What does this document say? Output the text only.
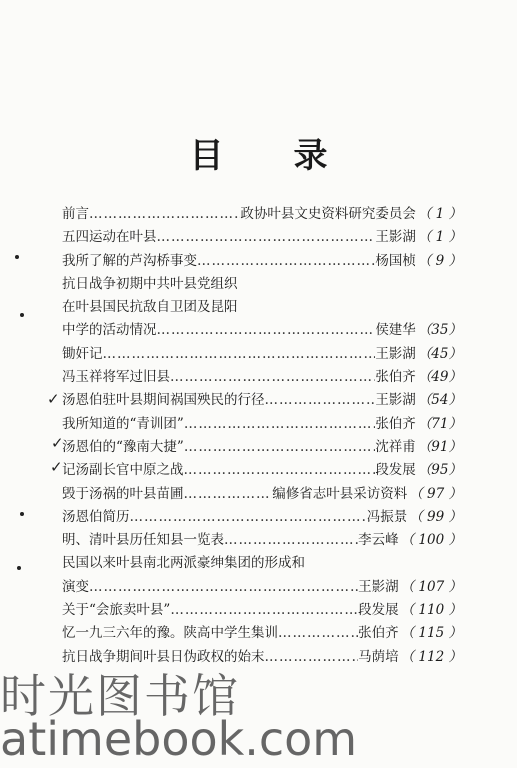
目 录
前言 …………………………………………………………………………………………………………	政协叶县文史资料研究委员会 （ 1 ）
五四运动在叶县 …………………………………………………………………………………………………………	王影湖 （ 1 ）
我所了解的芦沟桥事变 …………………………………………………………………………………………………………	杨国桢 （ 9 ）
抗日战争初期中共叶县党组织
在叶县国民抗敌自卫团及昆阳
中学的活动情况 …………………………………………………………………………………………………………	侯建华 （35）
锄奸记 …………………………………………………………………………………………………………	王影湖 （45）
冯玉祥将军过旧县 …………………………………………………………………………………………………………	张伯齐 （49）
汤恩伯驻叶县期间祸国殃民的行径 …………………………………………………………………………………………………………	王影湖 （54）
我所知道的“青训团” …………………………………………………………………………………………………………	张伯齐 （71）
汤恩伯的“豫南大捷” …………………………………………………………………………………………………………	沈祥甫 （91）
记汤副长官中原之战 …………………………………………………………………………………………………………	段发展 （95）
毁于汤祸的叶县苗圃 …………………………………………………………………………………………………………	编修省志叶县采访资料 （ 97 ）
汤恩伯简历 …………………………………………………………………………………………………………	冯振景 （ 99 ）
明、清叶县历任知县一览表 …………………………………………………………………………………………………………	李云峰 （ 100 ）
民国以来叶县南北两派豪绅集团的形成和
演变 …………………………………………………………………………………………………………	王影湖 （ 107 ）
关于“会旅卖叶县” …………………………………………………………………………………………………………	段发展 （ 110 ）
忆一九三六年的豫。陕高中学生集训 …………………………………………………………………………………………………………	张伯齐 （ 115 ）
抗日战争期间叶县日伪政权的始末 …………………………………………………………………………………………………………	马荫培 （ 112 ）
✓
✓
✓
时光图书馆
atimebook.com
